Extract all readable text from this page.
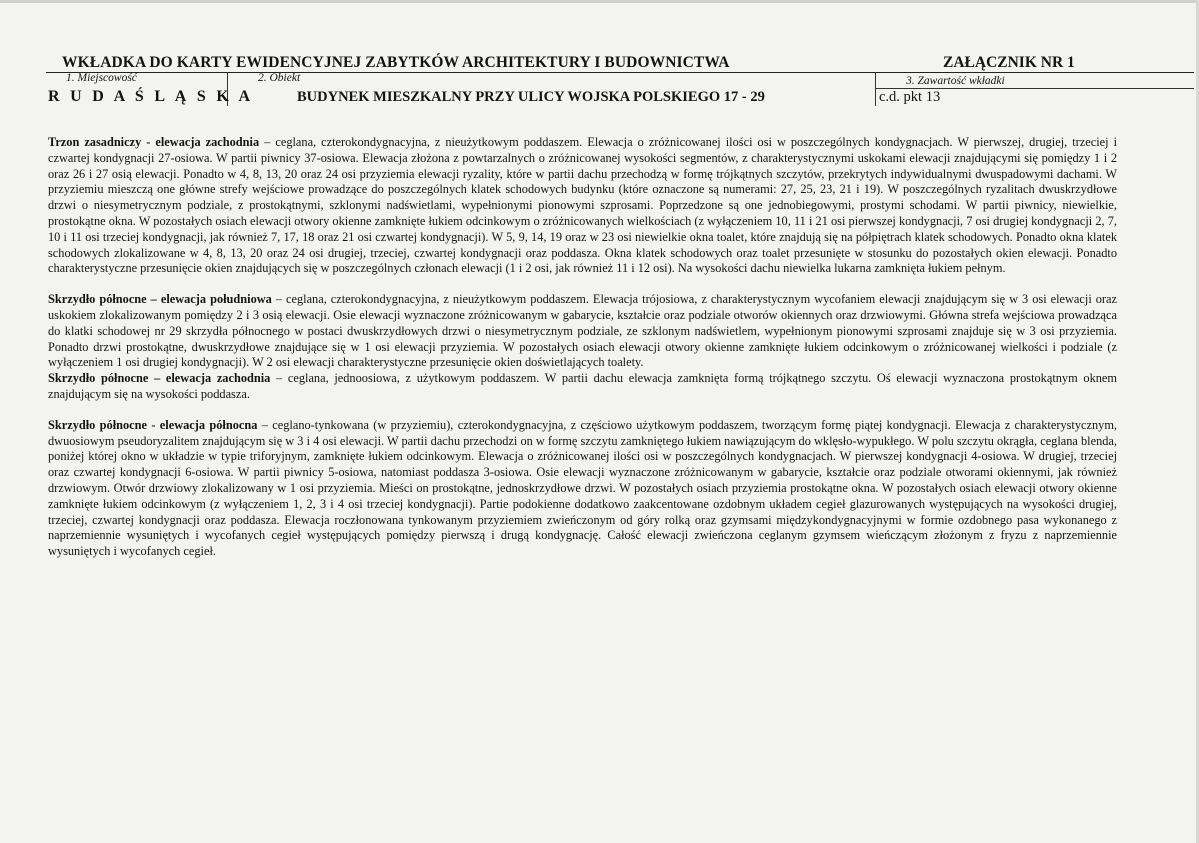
WKŁADKA DO KARTY EWIDENCYJNEJ ZABYTKÓW ARCHITEKTURY I BUDOWNICTWA	ZAŁĄCZNIK NR 1
1. Miejscowość	2. Obiekt	3. Zawartość wkładki
R U D A Ś L Ą S K A	BUDYNEK MIESZKALNY PRZY ULICY WOJSKA POLSKIEGO 17 - 29	c.d. pkt 13

Trzon zasadniczy - elewacja zachodnia – ceglana, czterokondygnacyjna, z nieużytkowym poddaszem. Elewacja o zróżnicowanej ilości osi w poszczególnych kondygnacjach. W pierwszej, drugiej, trzeciej i czwartej kondygnacji 27-osiowa. W partii piwnicy 37-osiowa. Elewacja złożona z powtarzalnych o zróżnicowanej wysokości segmentów, z charakterystycznymi uskokami elewacji znajdującymi się pomiędzy 1 i 2 oraz 26 i 27 osią elewacji. Ponadto w 4, 8, 13, 20 oraz 24 osi przyziemia elewacji ryzality, które w partii dachu przechodzą w formę trójkątnych szczytów, przekrytych indywidualnymi dwuspadowymi dachami. W przyziemiu mieszczą one główne strefy wejściowe prowadzące do poszczególnych klatek schodowych budynku (które oznaczone są numerami: 27, 25, 23, 21 i 19). W poszczególnych ryzalitach dwuskrzydłowe drzwi o niesymetrycznym podziale, z prostokątnymi, szklonymi nadświetlami, wypełnionymi pionowymi szprosami. Poprzedzone są one jednobiegowymi, prostymi schodami. W partii piwnicy, niewielkie, prostokątne okna. W pozostałych osiach elewacji otwory okienne zamknięte łukiem odcinkowym o zróżnicowanych wielkościach (z wyłączeniem 10, 11 i 21 osi pierwszej kondygnacji, 7 osi drugiej kondygnacji 2, 7, 10 i 11 osi trzeciej kondygnacji, jak również 7, 17, 18 oraz 21 osi czwartej kondygnacji). W 5, 9, 14, 19 oraz w 23 osi niewielkie okna toalet, które znajdują się na półpiętrach klatek schodowych. Ponadto okna klatek schodowych zlokalizowane w 4, 8, 13, 20 oraz 24 osi drugiej, trzeciej, czwartej kondygnacji oraz poddasza. Okna klatek schodowych oraz toalet przesunięte w stosunku do pozostałych okien elewacji. Ponadto charakterystyczne przesunięcie okien znajdujących się w poszczególnych członach elewacji (1 i 2 osi, jak również 11 i 12 osi). Na wysokości dachu niewielka lukarna zamknięta łukiem pełnym.

Skrzydło północne – elewacja południowa – ceglana, czterokondygnacyjna, z nieużytkowym poddaszem. Elewacja trójosiowa, z charakterystycznym wycofaniem elewacji znajdującym się w 3 osi elewacji oraz uskokiem zlokalizowanym pomiędzy 2 i 3 osią elewacji. Osie elewacji wyznaczone zróżnicowanym w gabarycie, kształcie oraz podziale otworów okiennych oraz drzwiowymi. Główna strefa wejściowa prowadząca do klatki schodowej nr 29 skrzydła północnego w postaci dwuskrzydłowych drzwi o niesymetrycznym podziale, ze szklonym nadświetlem, wypełnionym pionowymi szprosami znajduje się w 3 osi przyziemia. Ponadto drzwi prostokątne, dwuskrzydłowe znajdujące się w 1 osi elewacji przyziemia. W pozostałych osiach elewacji otwory okienne zamknięte łukiem odcinkowym o zróżnicowanej wielkości i podziale (z wyłączeniem 1 osi drugiej kondygnacji). W 2 osi elewacji charakterystyczne przesunięcie okien doświetlających toalety.

Skrzydło północne – elewacja zachodnia – ceglana, jednoosiowa, z użytkowym poddaszem. W partii dachu elewacja zamknięta formą trójkątnego szczytu. Oś elewacji wyznaczona prostokątnym oknem znajdującym się na wysokości poddasza.

Skrzydło północne - elewacja północna – ceglano-tynkowana (w przyziemiu), czterokondygnacyjna, z częściowo użytkowym poddaszem, tworzącym formę piątej kondygnacji. Elewacja z charakterystycznym, dwuosiowym pseudoryzalitem znajdującym się w 3 i 4 osi elewacji. W partii dachu przechodzi on w formę szczytu zamkniętego łukiem nawiązującym do wklęsło-wypukłego. W polu szczytu okrągła, ceglana blenda, poniżej której okno w układzie w typie triforyjnym, zamknięte łukiem odcinkowym. Elewacja o zróżnicowanej ilości osi w poszczególnych kondygnacjach. W pierwszej kondygnacji 4-osiowa. W drugiej, trzeciej oraz czwartej kondygnacji 6-osiowa. W partii piwnicy 5-osiowa, natomiast poddasza 3-osiowa. Osie elewacji wyznaczone zróżnicowanym w gabarycie, kształcie oraz podziale otworami okiennymi, jak również drzwiowym. Otwór drzwiowy zlokalizowany w 1 osi przyziemia. Mieści on prostokątne, jednoskrzydłowe drzwi. W pozostałych osiach przyziemia prostokątne okna. W pozostałych osiach elewacji otwory okienne zamknięte łukiem odcinkowym (z wyłączeniem 1, 2, 3 i 4 osi trzeciej kondygnacji). Partie podokienne dodatkowo zaakcentowane ozdobnym układem cegieł glazurowanych występujących na wysokości drugiej, trzeciej, czwartej kondygnacji oraz poddasza. Elewacja roczłonowana tynkowanym przyziemiem zwieńczonym od góry rolką oraz gzymsami międzykondygnacyjnymi w formie ozdobnego pasa wykonanego z naprzemiennie wysuniętych i wycofanych cegieł występujących pomiędzy pierwszą i drugą kondygnację. Całość elewacji zwieńczona ceglanym gzymsem wieńczącym złożonym z fryzu z naprzemiennie wysuniętych i wycofanych cegieł.
